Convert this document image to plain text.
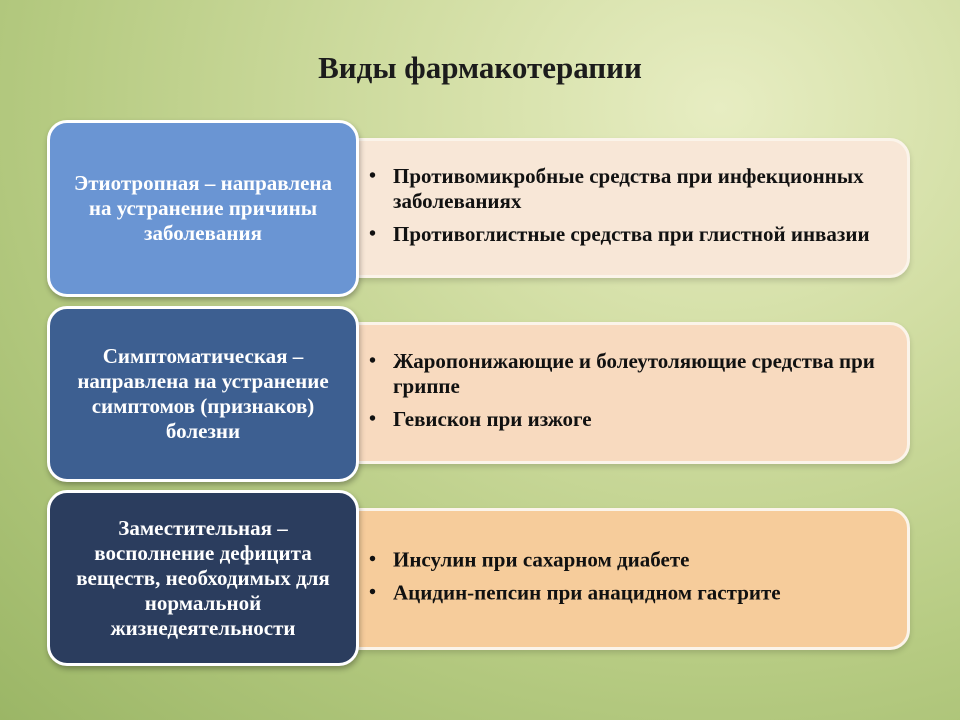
Виды фармакотерапии
• Противомикробные средства при инфекционных заболеваниях
• Противоглистные средства при глистной инвазии
Этиотропная – направлена на устранение причины заболевания
• Жаропонижающие и болеутоляющие средства при гриппе
• Гевискон при изжоге
Симптоматическая – направлена на устранение симптомов (признаков) болезни
• Инсулин при сахарном диабете
• Ацидин-пепсин при анацидном гастрите
Заместительная – восполнение дефицита веществ, необходимых для нормальной жизнедеятельности
